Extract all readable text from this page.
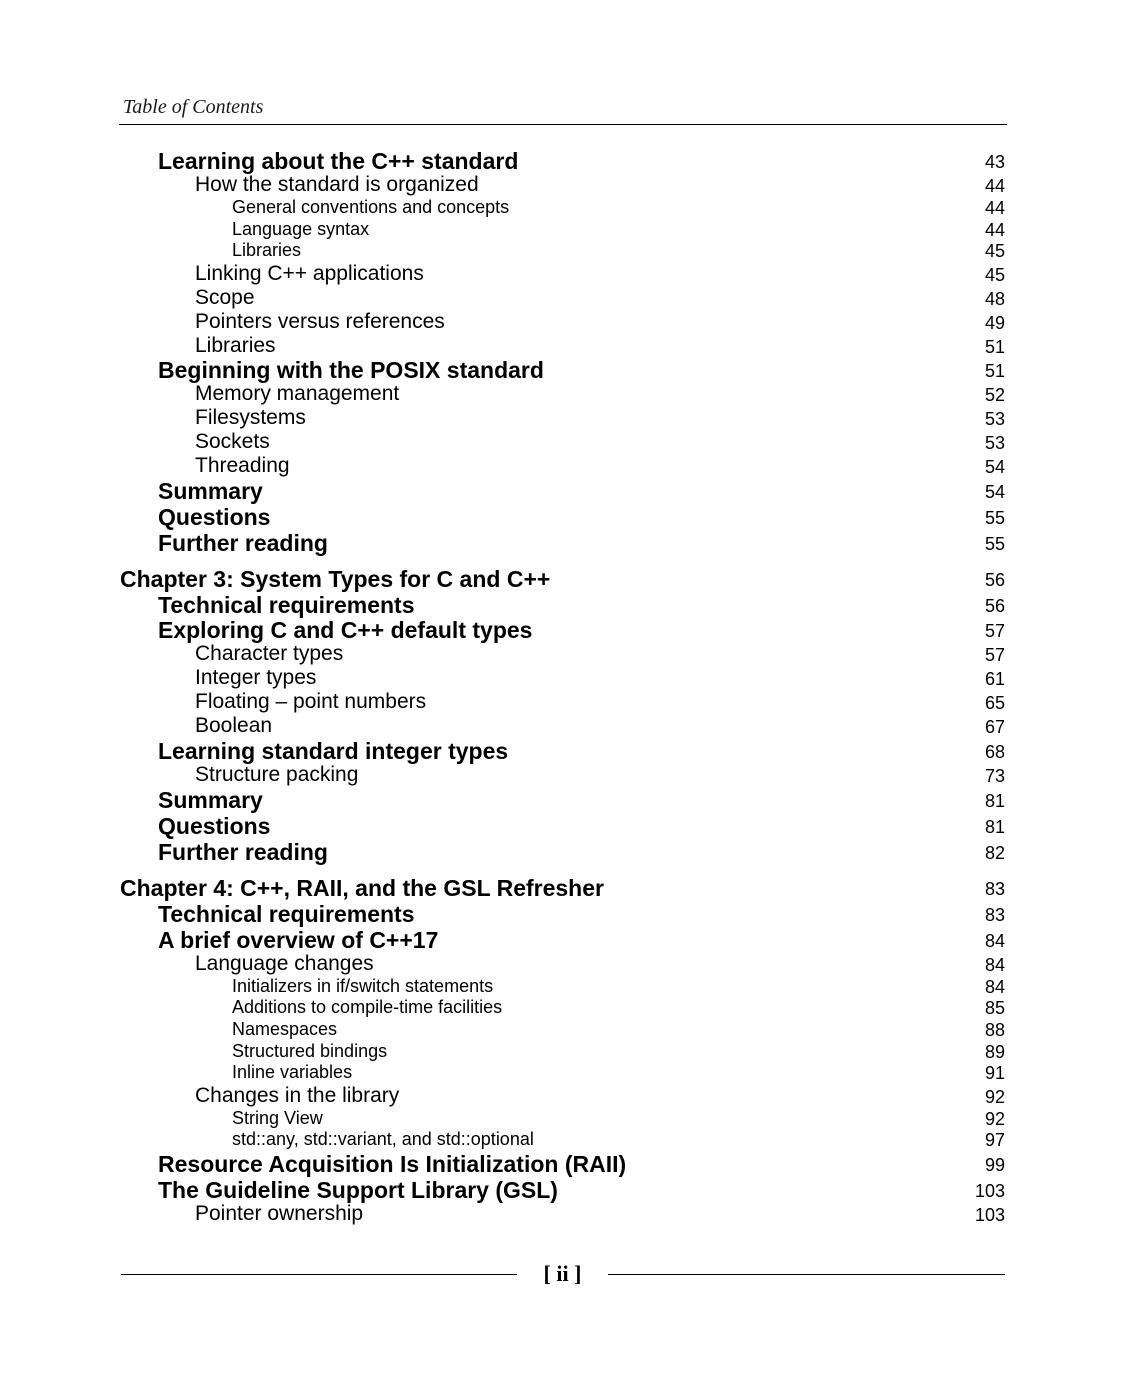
Table of Contents
Learning about the C++ standard	43
How the standard is organized	44
General conventions and concepts	44
Language syntax	44
Libraries	45
Linking C++ applications	45
Scope	48
Pointers versus references	49
Libraries	51
Beginning with the POSIX standard	51
Memory management	52
Filesystems	53
Sockets	53
Threading	54
Summary	54
Questions	55
Further reading	55
Chapter 3: System Types for C and C++	56
Technical requirements	56
Exploring C and C++ default types	57
Character types	57
Integer types	61
Floating – point numbers	65
Boolean	67
Learning standard integer types	68
Structure packing	73
Summary	81
Questions	81
Further reading	82
Chapter 4: C++, RAII, and the GSL Refresher	83
Technical requirements	83
A brief overview of C++17	84
Language changes	84
Initializers in if/switch statements	84
Additions to compile-time facilities	85
Namespaces	88
Structured bindings	89
Inline variables	91
Changes in the library	92
String View	92
std::any, std::variant, and std::optional	97
Resource Acquisition Is Initialization (RAII)	99
The Guideline Support Library (GSL)	103
Pointer ownership	103
[ ii ]
